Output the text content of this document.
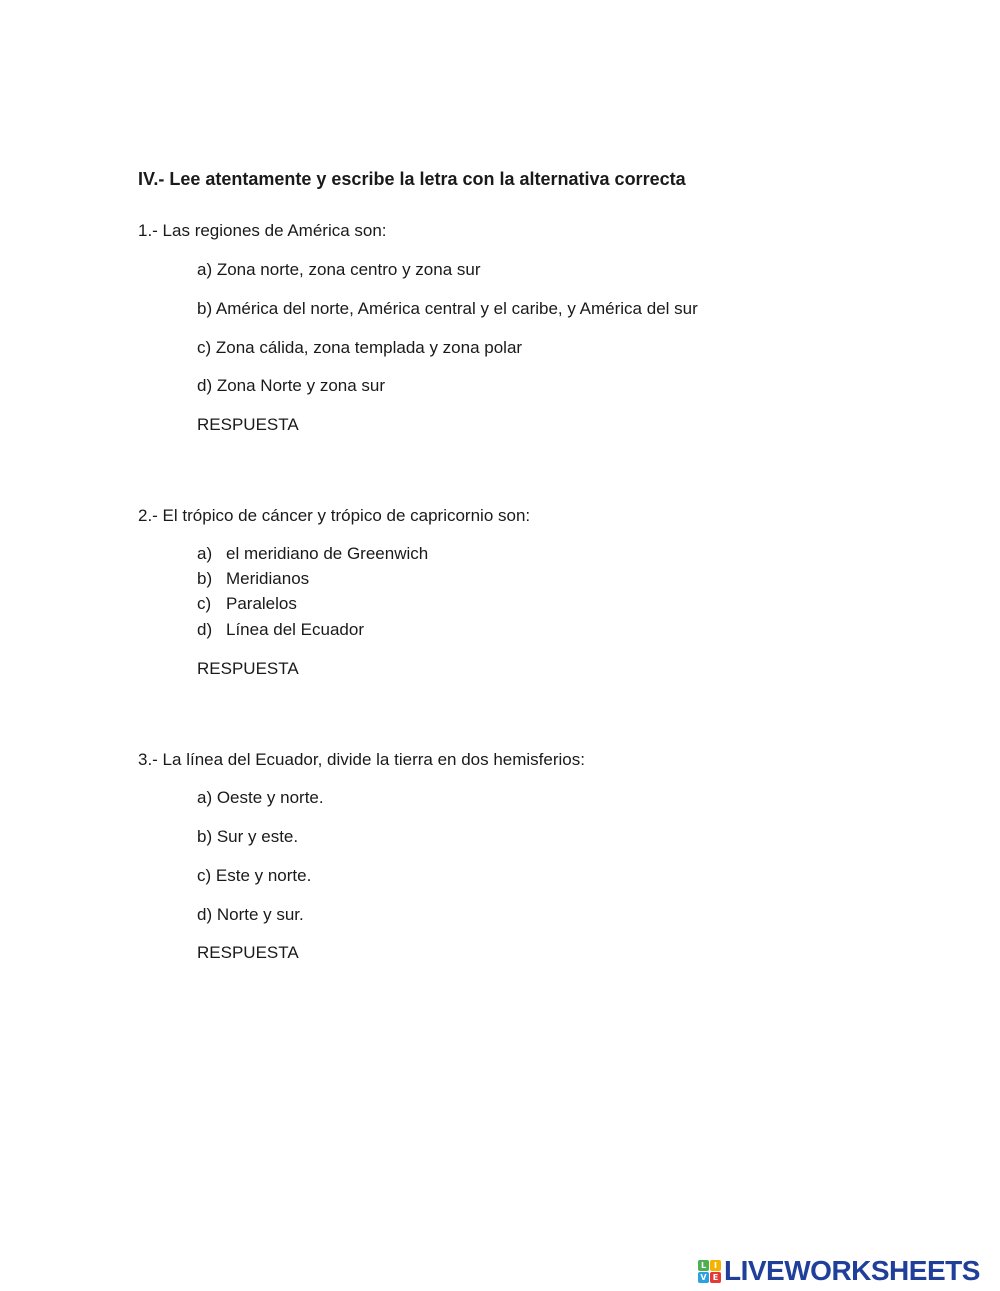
IV.- Lee atentamente y escribe la letra con la alternativa correcta

1.- Las regiones de América son:

a) Zona norte, zona centro y zona sur

b) América del norte, América central y el caribe, y América del sur

c) Zona cálida, zona templada y zona polar

d) Zona Norte y zona sur

RESPUESTA

2.- El trópico de cáncer y trópico de capricornio son:

a) el meridiano de Greenwich
b) Meridianos
c) Paralelos
d) Línea del Ecuador

RESPUESTA

3.- La línea del Ecuador, divide la tierra en dos hemisferios:

a) Oeste y norte.

b) Sur y este.

c) Este y norte.

d) Norte y sur.

RESPUESTA

L I
V E LIVEWORKSHEETS
